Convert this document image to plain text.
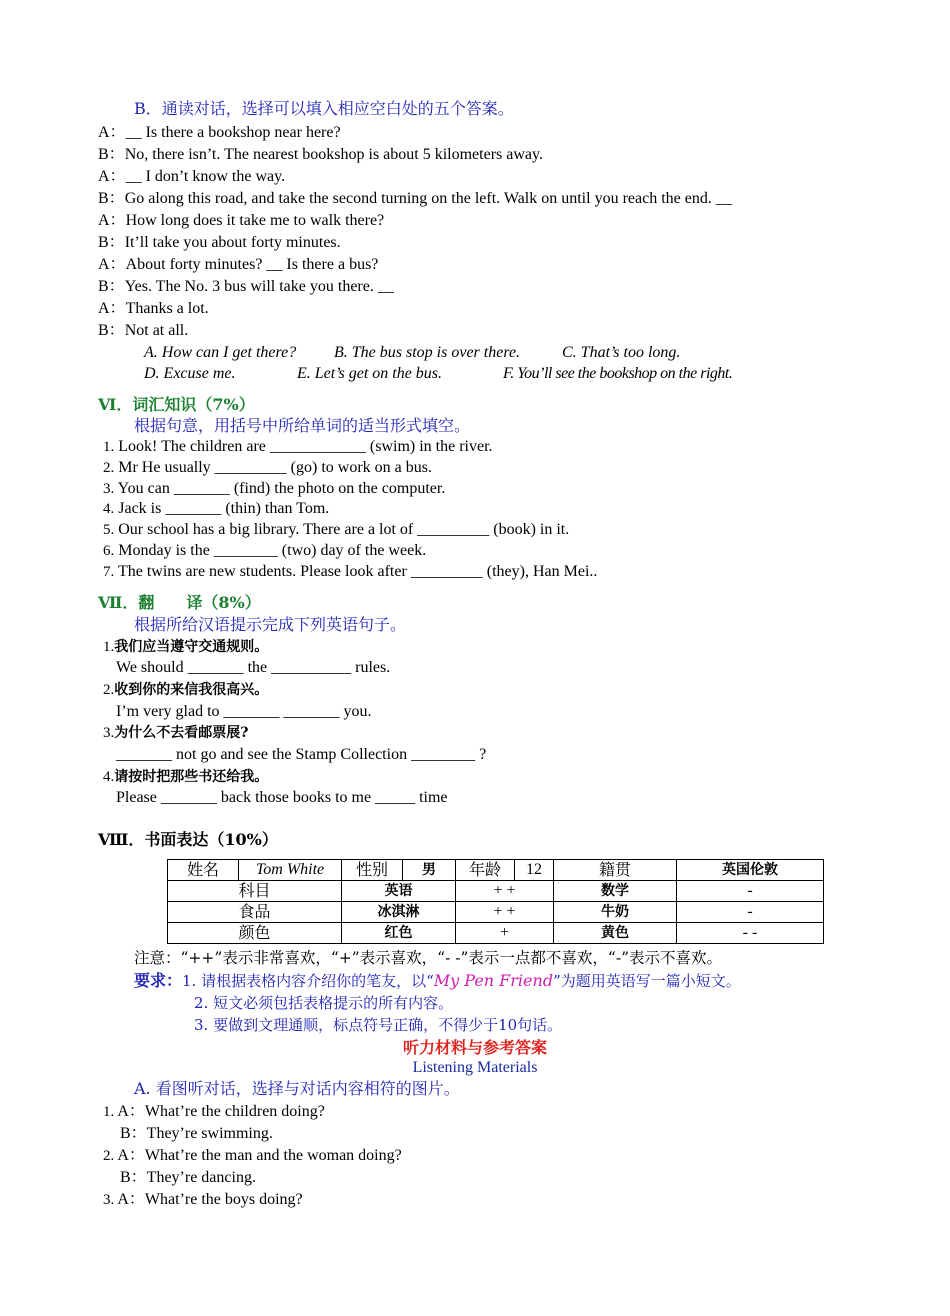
B．通读对话，选择可以填入相应空白处的五个答案。
A：__ Is there a bookshop near here?
B：No, there isn’t. The nearest bookshop is about 5 kilometers away.
A：__ I don’t know the way.
B：Go along this road, and take the second turning on the left. Walk on until you reach the end. __
A：How long does it take me to walk there?
B：It’ll take you about forty minutes.
A：About forty minutes? __ Is there a bus?
B：Yes. The No. 3 bus will take you there. __
A：Thanks a lot.
B：Not at all.
A. How can I get there? B. The bus stop is over there.	C. That’s too long.
D. Excuse me.	E. Let’s get on the bus.	F. You’ll see the bookshop on the right.
Ⅵ．词汇知识（7%）
根据句意，用括号中所给单词的适当形式填空。
1. Look! The children are ____________ (swim) in the river.
2. Mr He usually _________ (go) to work on a bus.
3. You can _______ (find) the photo on the computer.
4. Jack is _______ (thin) than Tom.
5. Our school has a big library. There are a lot of _________ (book) in it.
6. Monday is the ________ (two) day of the week.
7. The twins are new students. Please look after _________ (they), Han Mei..
Ⅶ．翻　　译（8%）
根据所给汉语提示完成下列英语句子。
1.我们应当遵守交通规则。
We should _______ the __________ rules.
2.收到你的来信我很高兴。
I’m very glad to _______ _______ you.
3.为什么不去看邮票展?
_______ not go and see the Stamp Collection ________ ?
4.请按时把那些书还给我。
Please _______ back those books to me _____ time
Ⅷ．书面表达（10%）
姓名	Tom White	性别	男	年龄	12	籍贯	英国伦敦
科目		英语		+ +		数学	-
食品		冰淇淋		+ +		牛奶	-
颜色		红色		+		黄色	- -
注意：“++”表示非常喜欢，“+”表示喜欢，“- -”表示一点都不喜欢，“-”表示不喜欢。
要求：1. 请根据表格内容介绍你的笔友，以“My Pen Friend”为题用英语写一篇小短文。
2. 短文必须包括表格提示的所有内容。
3. 要做到文理通顺，标点符号正确，不得少于10句话。
听力材料与参考答案
Listening Materials
A. 看图听对话，选择与对话内容相符的图片。
1. A：What’re the children doing?
B：They’re swimming.
2. A：What’re the man and the woman doing?
B：They’re dancing.
3. A：What’re the boys doing?
